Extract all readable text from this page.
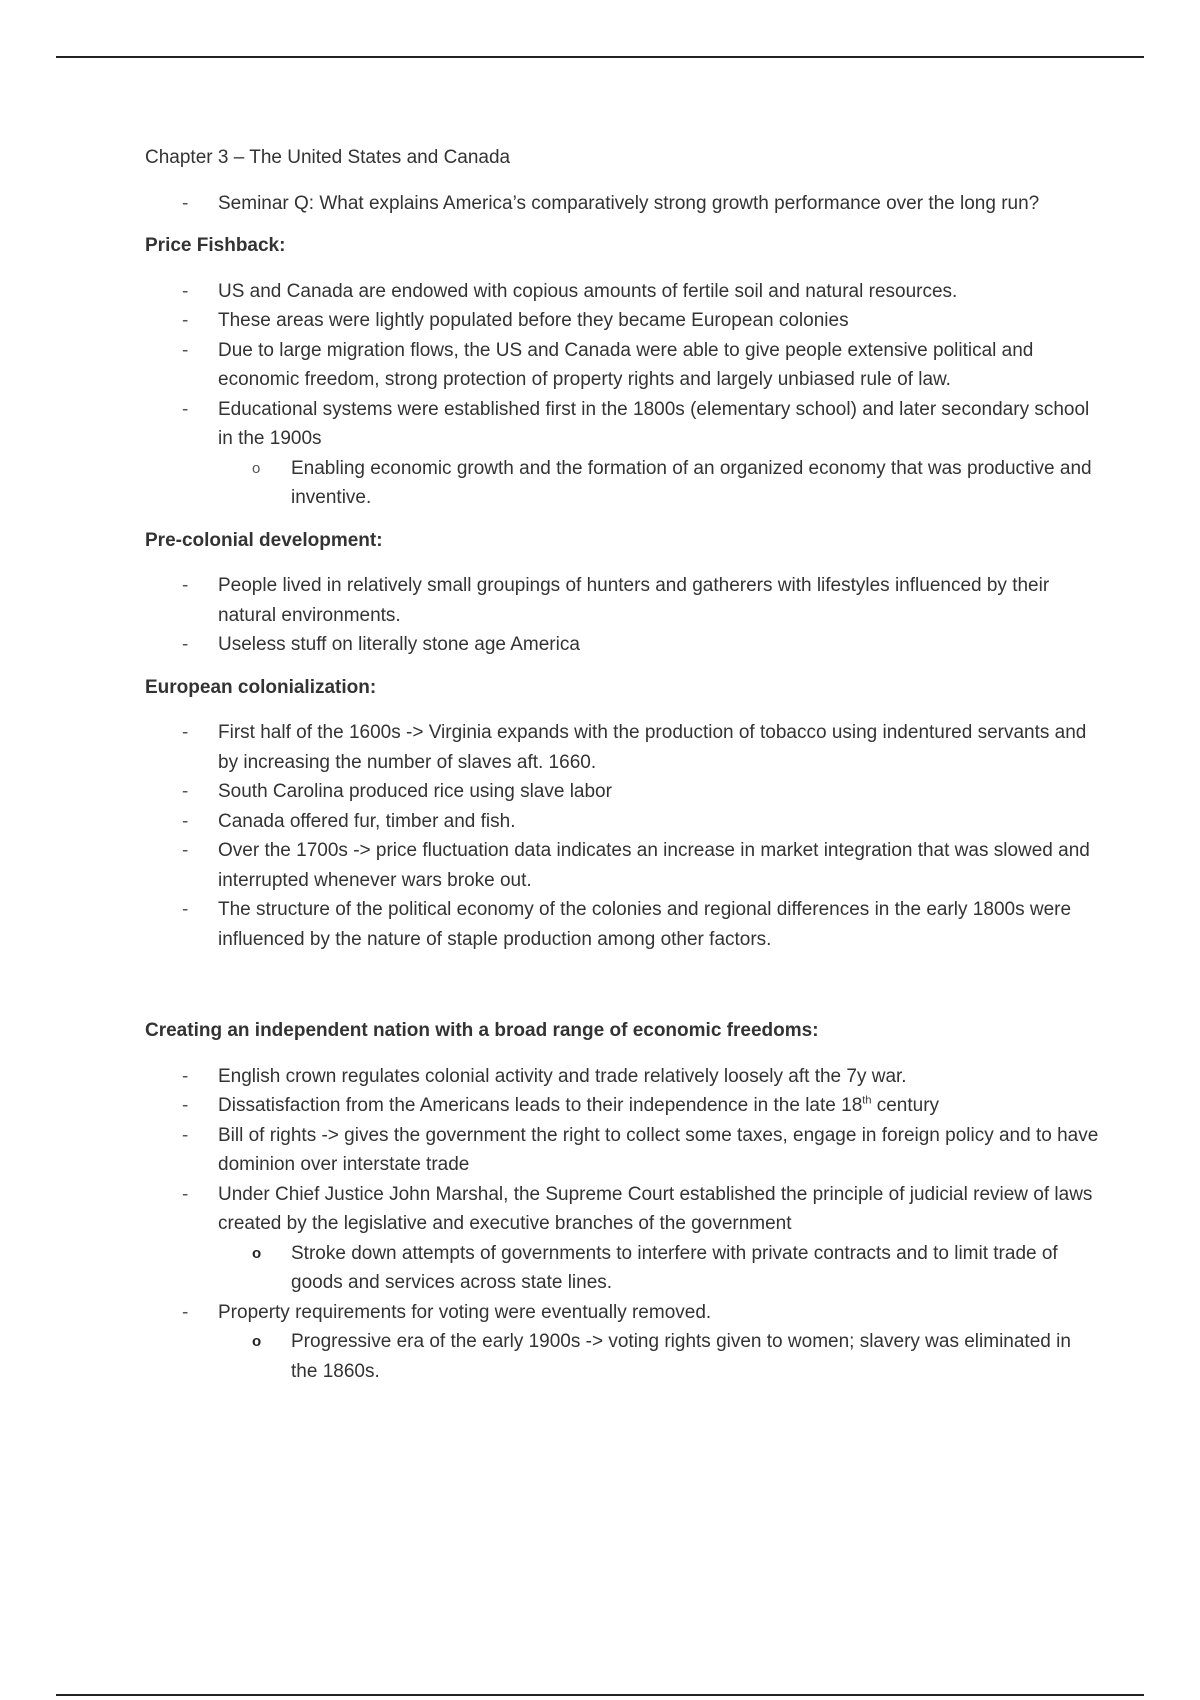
Chapter 3 – The United States and Canada
-	Seminar Q: What explains America’s comparatively strong growth performance over the long run?
Price Fishback:
-	US and Canada are endowed with copious amounts of fertile soil and natural resources.
-	These areas were lightly populated before they became European colonies
-	Due to large migration flows, the US and Canada were able to give people extensive political and economic freedom, strong protection of property rights and largely unbiased rule of law.
-	Educational systems were established first in the 1800s (elementary school) and later secondary school in the 1900s
o Enabling economic growth and the formation of an organized economy that was productive and inventive.
Pre-colonial development:
-	People lived in relatively small groupings of hunters and gatherers with lifestyles influenced by their natural environments.
-	Useless stuff on literally stone age America
European colonialization:
-	First half of the 1600s -> Virginia expands with the production of tobacco using indentured servants and by increasing the number of slaves aft. 1660.
-	South Carolina produced rice using slave labor
-	Canada offered fur, timber and fish.
-	Over the 1700s -> price fluctuation data indicates an increase in market integration that was slowed and interrupted whenever wars broke out.
-	The structure of the political economy of the colonies and regional differences in the early 1800s were influenced by the nature of staple production among other factors.
Creating an independent nation with a broad range of economic freedoms:
-	English crown regulates colonial activity and trade relatively loosely aft the 7y war.
-	Dissatisfaction from the Americans leads to their independence in the late 18th century
-	Bill of rights -> gives the government the right to collect some taxes, engage in foreign policy and to have dominion over interstate trade
-	Under Chief Justice John Marshal, the Supreme Court established the principle of judicial review of laws created by the legislative and executive branches of the government
o Stroke down attempts of governments to interfere with private contracts and to limit trade of goods and services across state lines.
-	Property requirements for voting were eventually removed.
o Progressive era of the early 1900s -> voting rights given to women; slavery was eliminated in the 1860s.
